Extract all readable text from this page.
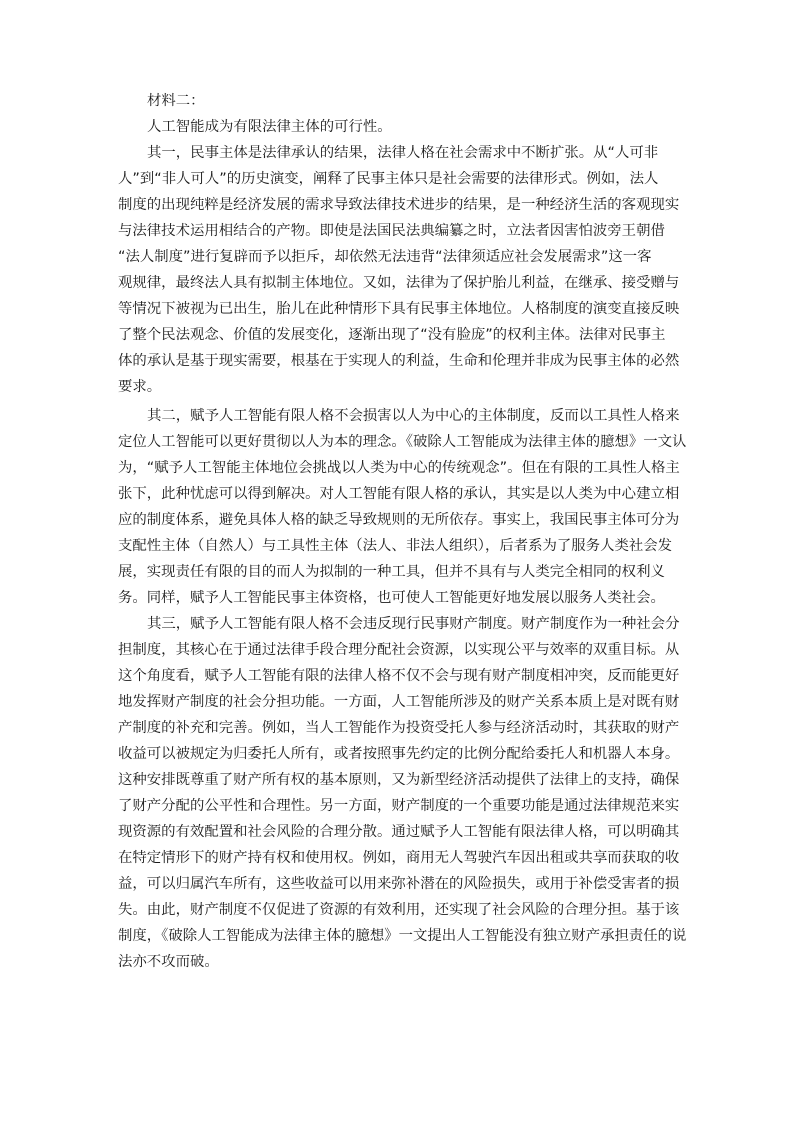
材料二：
人工智能成为有限法律主体的可行性。
其一，民事主体是法律承认的结果，法律人格在社会需求中不断扩张。从“人可非
人”到“非人可人”的历史演变，阐释了民事主体只是社会需要的法律形式。例如，法人
制度的出现纯粹是经济发展的需求导致法律技术进步的结果，是一种经济生活的客观现实
与法律技术运用相结合的产物。即使是法国民法典编纂之时，立法者因害怕波旁王朝借
“法人制度”进行复辟而予以拒斥，却依然无法违背“法律须适应社会发展需求”这一客
观规律，最终法人具有拟制主体地位。又如，法律为了保护胎儿利益，在继承、接受赠与
等情况下被视为已出生，胎儿在此种情形下具有民事主体地位。人格制度的演变直接反映
了整个民法观念、价值的发展变化，逐渐出现了“没有脸庞”的权利主体。法律对民事主
体的承认是基于现实需要，根基在于实现人的利益，生命和伦理并非成为民事主体的必然
要求。
其二，赋予人工智能有限人格不会损害以人为中心的主体制度，反而以工具性人格来
定位人工智能可以更好贯彻以人为本的理念。《破除人工智能成为法律主体的臆想》一文认
为，“赋予人工智能主体地位会挑战以人类为中心的传统观念”。但在有限的工具性人格主
张下，此种忧虑可以得到解决。对人工智能有限人格的承认，其实是以人类为中心建立相
应的制度体系，避免具体人格的缺乏导致规则的无所依存。事实上，我国民事主体可分为
支配性主体（自然人）与工具性主体（法人、非法人组织），后者系为了服务人类社会发
展，实现责任有限的目的而人为拟制的一种工具，但并不具有与人类完全相同的权利义
务。同样，赋予人工智能民事主体资格，也可使人工智能更好地发展以服务人类社会。
其三，赋予人工智能有限人格不会违反现行民事财产制度。财产制度作为一种社会分
担制度，其核心在于通过法律手段合理分配社会资源，以实现公平与效率的双重目标。从
这个角度看，赋予人工智能有限的法律人格不仅不会与现有财产制度相冲突，反而能更好
地发挥财产制度的社会分担功能。一方面，人工智能所涉及的财产关系本质上是对既有财
产制度的补充和完善。例如，当人工智能作为投资受托人参与经济活动时，其获取的财产
收益可以被规定为归委托人所有，或者按照事先约定的比例分配给委托人和机器人本身。
这种安排既尊重了财产所有权的基本原则，又为新型经济活动提供了法律上的支持，确保
了财产分配的公平性和合理性。另一方面，财产制度的一个重要功能是通过法律规范来实
现资源的有效配置和社会风险的合理分散。通过赋予人工智能有限法律人格，可以明确其
在特定情形下的财产持有权和使用权。例如，商用无人驾驶汽车因出租或共享而获取的收
益，可以归属汽车所有，这些收益可以用来弥补潜在的风险损失，或用于补偿受害者的损
失。由此，财产制度不仅促进了资源的有效利用，还实现了社会风险的合理分担。基于该
制度，《破除人工智能成为法律主体的臆想》一文提出人工智能没有独立财产承担责任的说
法亦不攻而破。
